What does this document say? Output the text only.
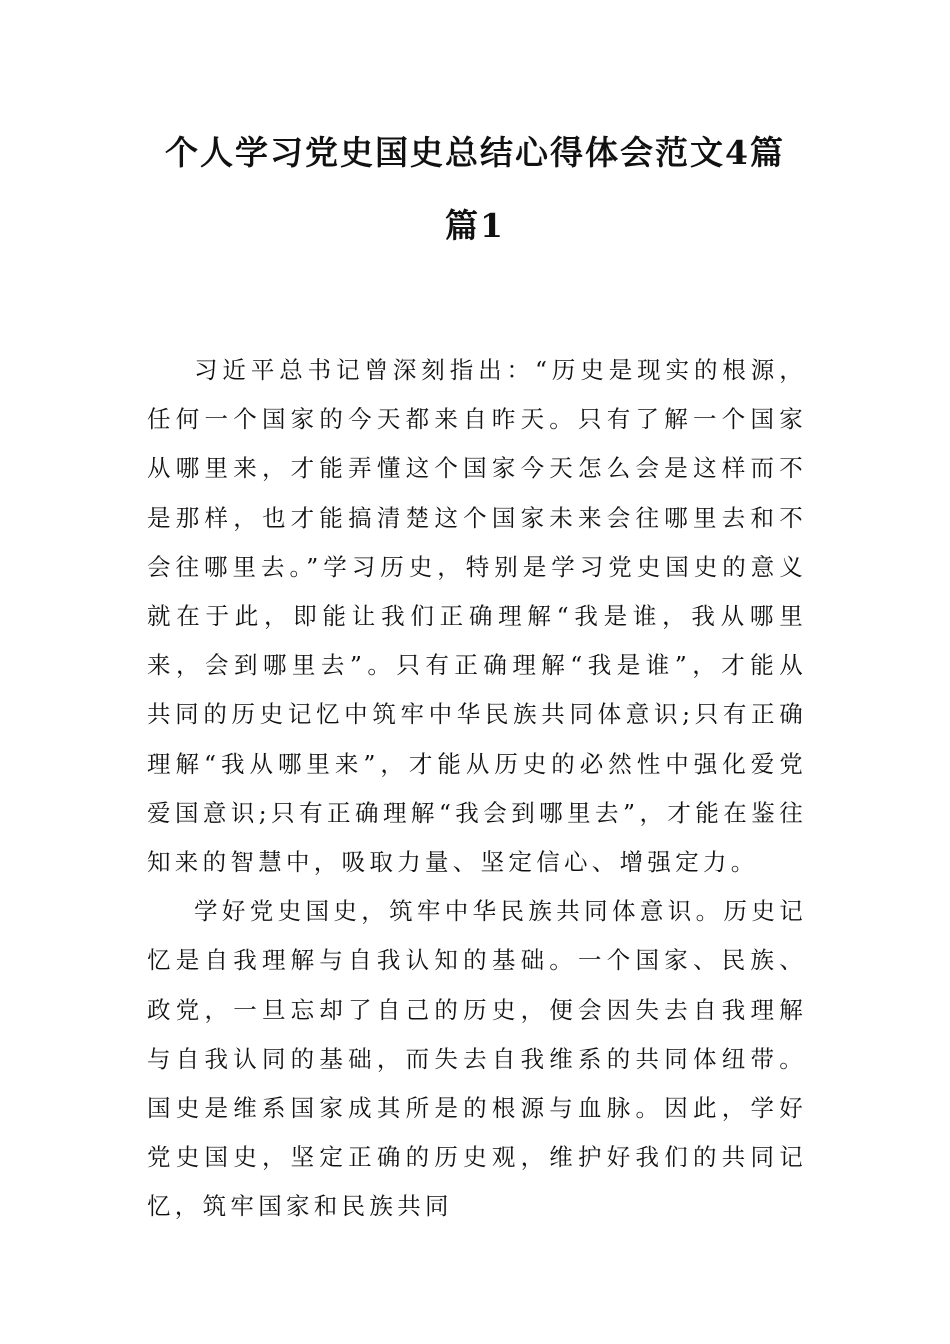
个人学习党史国史总结心得体会范文4篇
篇1

习近平总书记曾深刻指出：“历史是现实的根源，任何一个国家的今天都来自昨天。只有了解一个国家从哪里来，才能弄懂这个国家今天怎么会是这样而不是那样，也才能搞清楚这个国家未来会往哪里去和不会往哪里去。”学习历史，特别是学习党史国史的意义就在于此，即能让我们正确理解“我是谁，我从哪里来，会到哪里去”。只有正确理解“我是谁”，才能从共同的历史记忆中筑牢中华民族共同体意识;只有正确理解“我从哪里来”，才能从历史的必然性中强化爱党爱国意识;只有正确理解“我会到哪里去”，才能在鉴往知来的智慧中，吸取力量、坚定信心、增强定力。

学好党史国史，筑牢中华民族共同体意识。历史记忆是自我理解与自我认知的基础。一个国家、民族、政党，一旦忘却了自己的历史，便会因失去自我理解与自我认同的基础，而失去自我维系的共同体纽带。国史是维系国家成其所是的根源与血脉。因此，学好党史国史，坚定正确的历史观，维护好我们的共同记忆，筑牢国家和民族共同
